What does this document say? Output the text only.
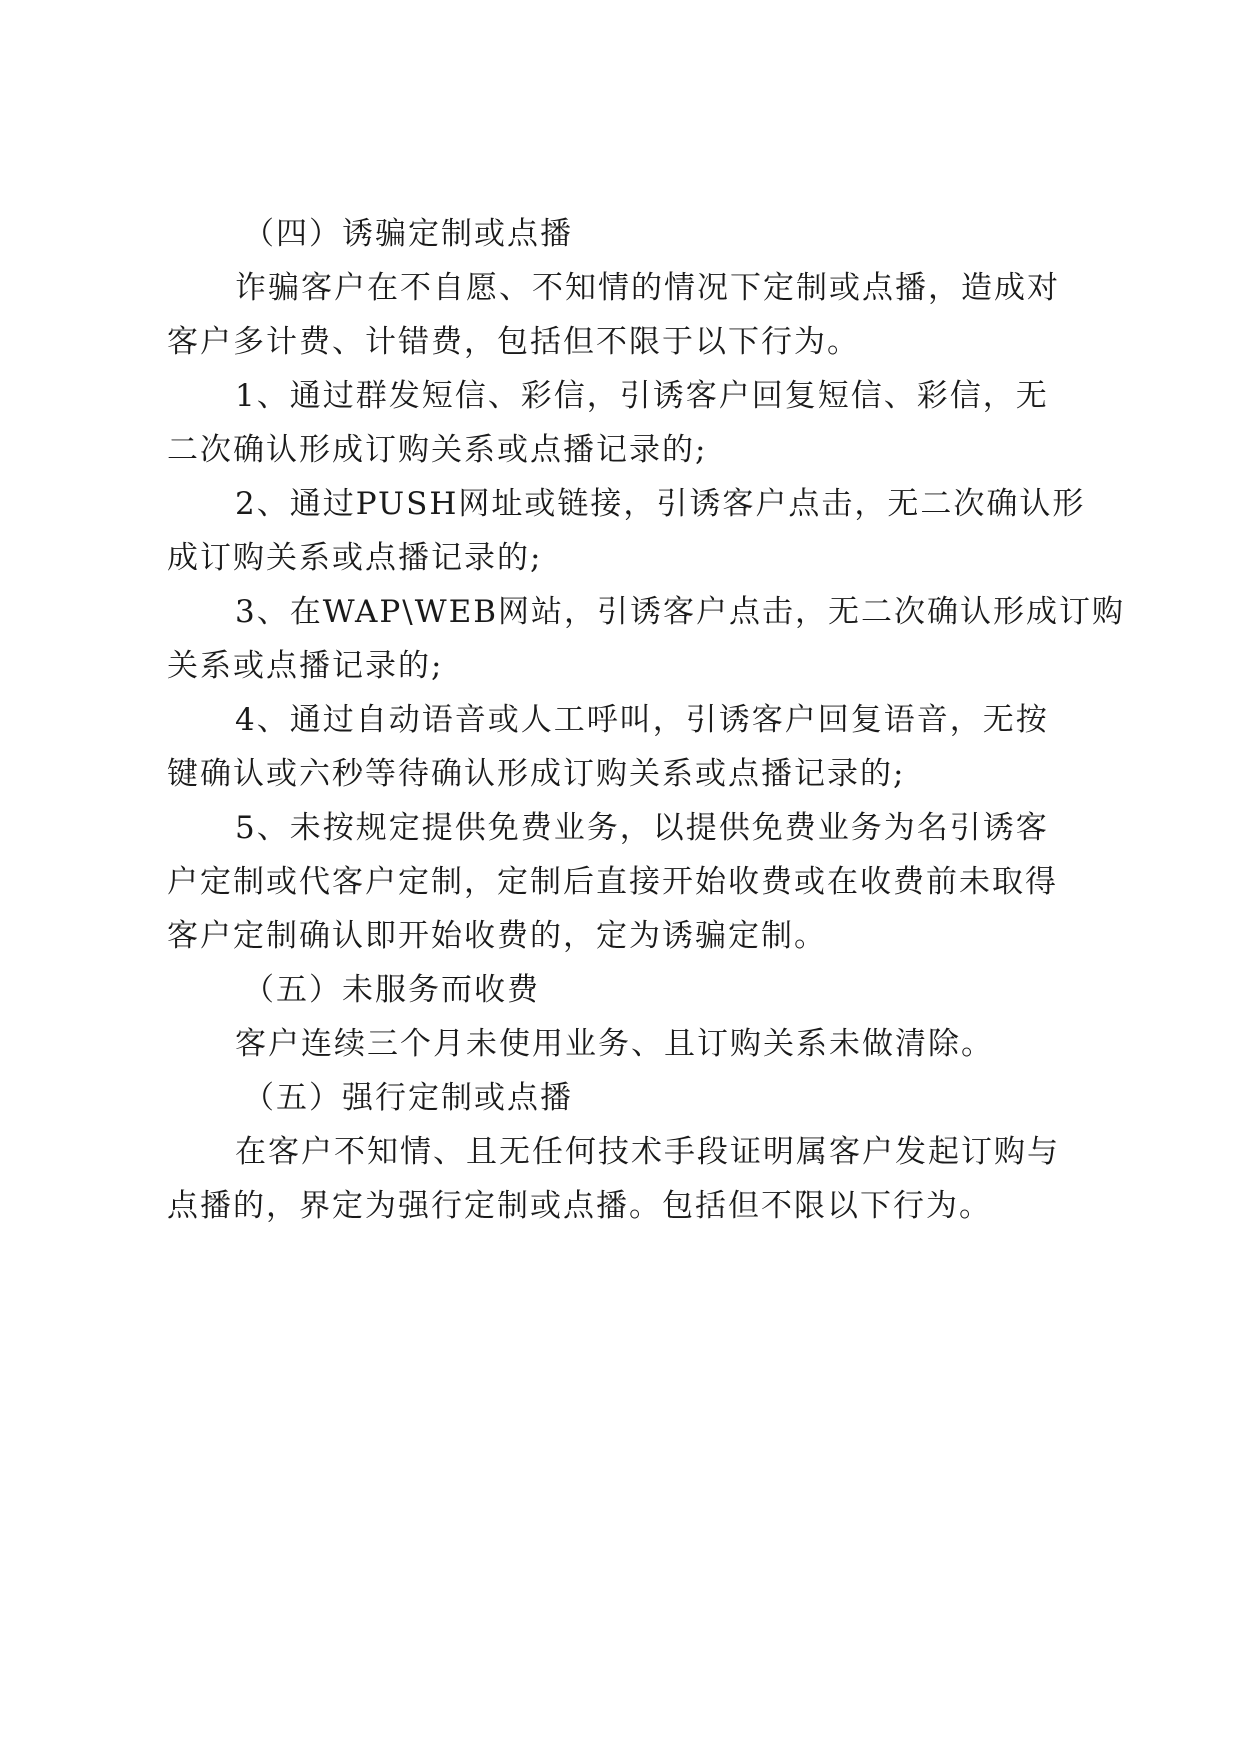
（四）诱骗定制或点播
诈骗客户在不自愿、不知情的情况下定制或点播，造成对
客户多计费、计错费，包括但不限于以下行为。
1、通过群发短信、彩信，引诱客户回复短信、彩信，无
二次确认形成订购关系或点播记录的;
2、通过PUSH网址或链接，引诱客户点击，无二次确认形
成订购关系或点播记录的;
3、在WAP\WEB网站，引诱客户点击，无二次确认形成订购
关系或点播记录的;
4、通过自动语音或人工呼叫，引诱客户回复语音，无按
键确认或六秒等待确认形成订购关系或点播记录的;
5、未按规定提供免费业务，以提供免费业务为名引诱客
户定制或代客户定制，定制后直接开始收费或在收费前未取得
客户定制确认即开始收费的，定为诱骗定制。
（五）未服务而收费
客户连续三个月未使用业务、且订购关系未做清除。
（五）强行定制或点播
在客户不知情、且无任何技术手段证明属客户发起订购与
点播的，界定为强行定制或点播。包括但不限以下行为。
